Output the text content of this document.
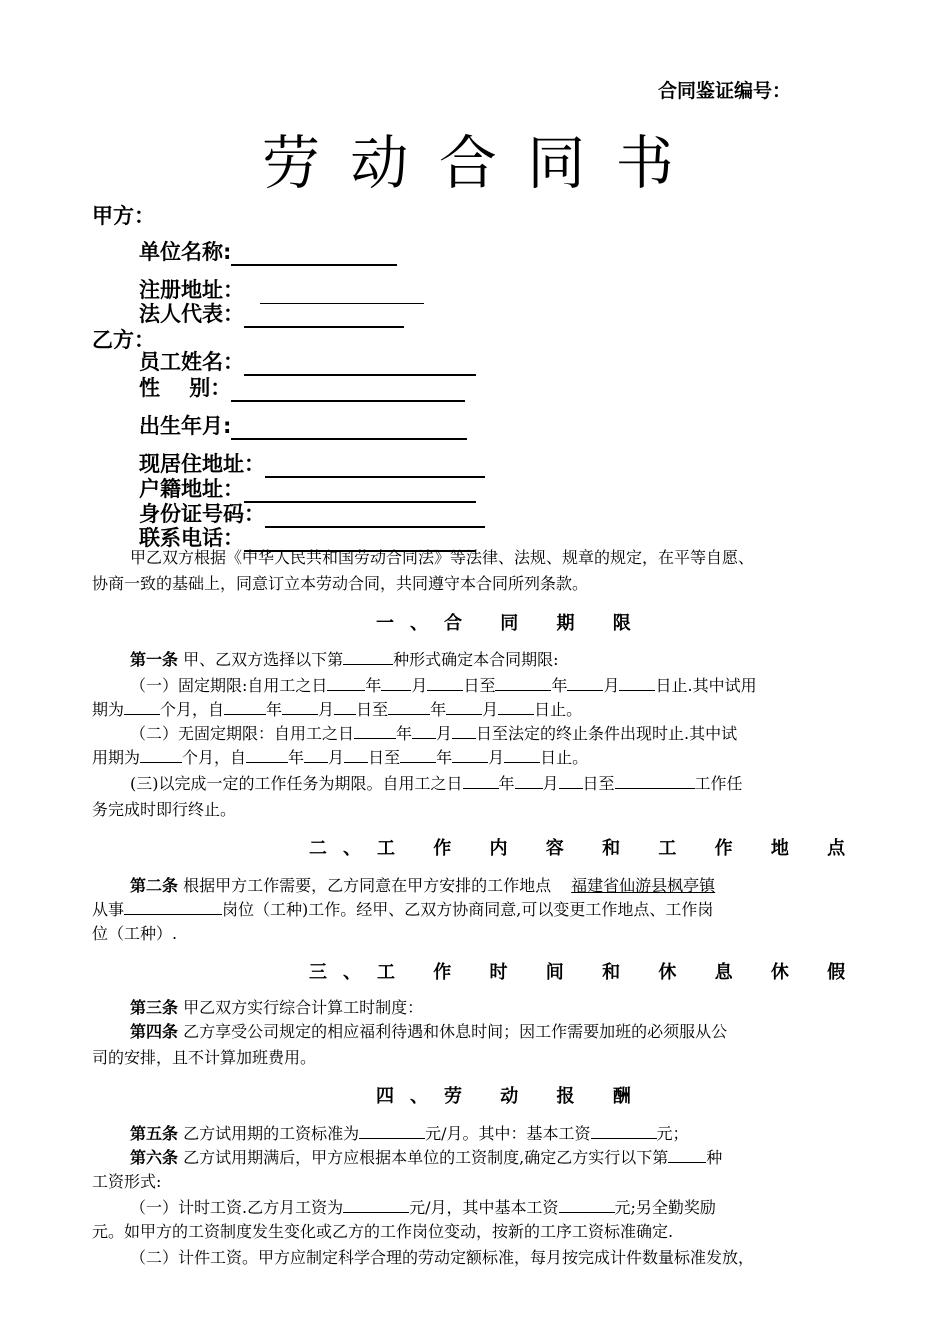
合同鉴证编号：
劳 动 合 同 书
甲方：
单位名称:
注册地址：
法人代表：
乙方：
员工姓名：
性    别：
出生年月:
现居住地址：
户籍地址：
身份证号码：
联系电话：
甲乙双方根据《中华人民共和国劳动合同法》等法律、法规、规章的规定，在平等自愿、
协商一致的基础上，同意订立本劳动合同，共同遵守本合同所列条款。
一、合 同 期 限
第一条 甲、乙双方选择以下第	种形式确定本合同期限:
（一）固定期限:自用工之日 年 月 日至	年 月 日止.其中试用
期为 个月，自	年 月 日至	年 月 日止。
（二）无固定期限：自用工之日	年 月 日至法定的终止条件出现时止.其中试
用期为	个月，自	年 月 日至 年 月 日止。
(三)以完成一定的工作任务为期限。自用工之日 年 月 日至	工作任
务完成时即行终止。
二、工 作 内 容 和 工 作 地 点
第二条 根据甲方工作需要，乙方同意在甲方安排的工作地点 福建省仙游县枫亭镇
从事	岗位（工种)工作。经甲、乙双方协商同意,可以变更工作地点、工作岗
位（工种）.
三、工 作 时 间 和 休 息 休 假
第三条 甲乙双方实行综合计算工时制度：
第四条 乙方享受公司规定的相应福利待遇和休息时间；因工作需要加班的必须服从公
司的安排，且不计算加班费用。
四、劳 动 报 酬
第五条 乙方试用期的工资标准为	元/月。其中：基本工资	元；
第六条 乙方试用期满后，甲方应根据本单位的工资制度,确定乙方实行以下第 种
工资形式:
（一）计时工资.乙方月工资为	元/月，其中基本工资	元;另全勤奖励
元。如甲方的工资制度发生变化或乙方的工作岗位变动，按新的工序工资标准确定.
（二）计件工资。甲方应制定科学合理的劳动定额标准，每月按完成计件数量标准发放，
